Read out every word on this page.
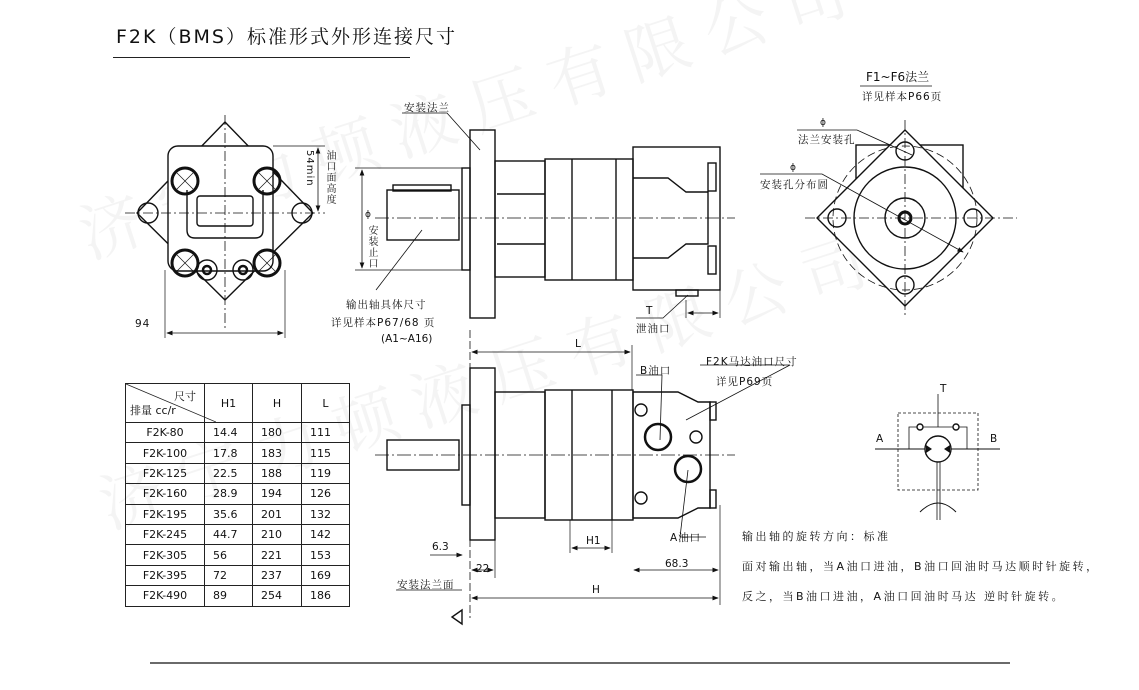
F2K（BMS）标准形式外形连接尺寸
94
54min 油口面高度
安装法兰
ϕ
安装止口
输出轴具体尺寸
详见样本P67/68 页
(A1~A16)
T
泄油口
F1~F6法兰
详见样本P66页
ϕ
法兰安装孔
ϕ
安装孔分布圆
L
H
H1
6.3
22	68.3
安装法兰面
B油口
A油口
F2K马达油口尺寸
详见P69页
A	B
T
输出轴的旋转方向：标准
面对输出轴，当A油口进油，B油口回油时马达顺时针旋转，
反之，当B油口进油，A油口回油时马达 逆时针旋转。
尺寸
排量 cc/r	H1	H	L
F2K-80	14.4	180	111
F2K-100	17.8	183	115
F2K-125	22.5	188	119
F2K-160	28.9	194	126
F2K-195	35.6	201	132
F2K-245	44.7	210	142
F2K-305	56	221	153
F2K-395	72	237	169
F2K-490	89	254	186
